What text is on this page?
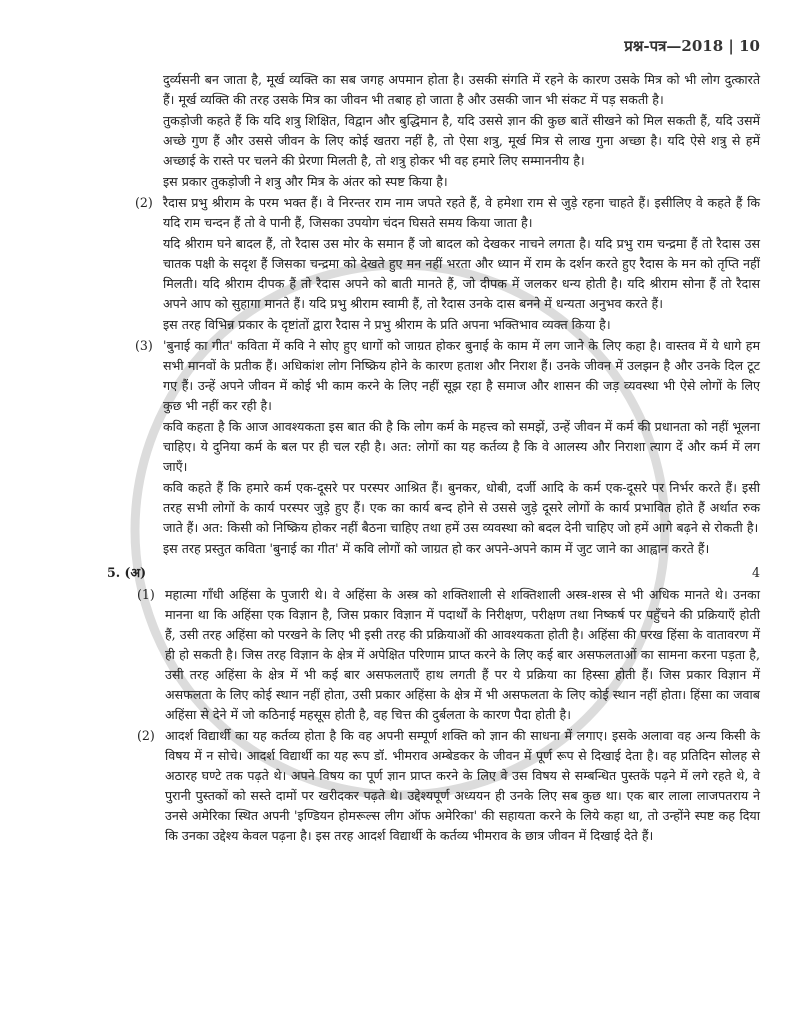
प्रश्न-पत्र—2018 | 10

दुर्व्यसनी बन जाता है, मूर्ख व्यक्ति का सब जगह अपमान होता है। उसकी संगति में रहने के कारण उसके मित्र को भी लोग दुत्कारते हैं। मूर्ख व्यक्ति की तरह उसके मित्र का जीवन भी तबाह हो जाता है और उसकी जान भी संकट में पड़ सकती है।

तुकड़ोजी कहते हैं कि यदि शत्रु शिक्षित, विद्वान और बुद्धिमान है, यदि उससे ज्ञान की कुछ बातें सीखने को मिल सकती हैं, यदि उसमें अच्छे गुण हैं और उससे जीवन के लिए कोई खतरा नहीं है, तो ऐसा शत्रु, मूर्ख मित्र से लाख गुना अच्छा है। यदि ऐसे शत्रु से हमें अच्छाई के रास्ते पर चलने की प्रेरणा मिलती है, तो शत्रु होकर भी वह हमारे लिए सम्माननीय है।

इस प्रकार तुकड़ोजी ने शत्रु और मित्र के अंतर को स्पष्ट किया है।

(2) रैदास प्रभु श्रीराम के परम भक्त हैं। वे निरन्तर राम नाम जपते रहते हैं, वे हमेशा राम से जुड़े रहना चाहते हैं। इसीलिए वे कहते हैं कि यदि राम चन्दन हैं तो वे पानी हैं, जिसका उपयोग चंदन घिसते समय किया जाता है।

यदि श्रीराम घने बादल हैं, तो रैदास उस मोर के समान हैं जो बादल को देखकर नाचने लगता है। यदि प्रभु राम चन्द्रमा हैं तो रैदास उस चातक पक्षी के सदृश हैं जिसका चन्द्रमा को देखते हुए मन नहीं भरता और ध्यान में राम के दर्शन करते हुए रैदास के मन को तृप्ति नहीं मिलती। यदि श्रीराम दीपक हैं तो रैदास अपने को बाती मानते हैं, जो दीपक में जलकर धन्य होती है। यदि श्रीराम सोना हैं तो रैदास अपने आप को सुहागा मानते हैं। यदि प्रभु श्रीराम स्वामी हैं, तो रैदास उनके दास बनने में धन्यता अनुभव करते हैं।

इस तरह विभिन्न प्रकार के दृष्टांतों द्वारा रैदास ने प्रभु श्रीराम के प्रति अपना भक्तिभाव व्यक्त किया है।

(3) 'बुनाई का गीत' कविता में कवि ने सोए हुए धागों को जाग्रत होकर बुनाई के काम में लग जाने के लिए कहा है। वास्तव में ये धागे हम सभी मानवों के प्रतीक हैं। अधिकांश लोग निष्क्रिय होने के कारण हताश और निराश हैं। उनके जीवन में उलझन है और उनके दिल टूट गए हैं। उन्हें अपने जीवन में कोई भी काम करने के लिए नहीं सूझ रहा है समाज और शासन की जड़ व्यवस्था भी ऐसे लोगों के लिए कुछ भी नहीं कर रही है।

कवि कहता है कि आज आवश्यकता इस बात की है कि लोग कर्म के महत्त्व को समझें, उन्हें जीवन में कर्म की प्रधानता को नहीं भूलना चाहिए। ये दुनिया कर्म के बल पर ही चल रही है। अत: लोगों का यह कर्तव्य है कि वे आलस्य और निराशा त्याग दें और कर्म में लग जाएँ।

कवि कहते हैं कि हमारे कर्म एक-दूसरे पर परस्पर आश्रित हैं। बुनकर, धोबी, दर्जी आदि के कर्म एक-दूसरे पर निर्भर करते हैं। इसी तरह सभी लोगों के कार्य परस्पर जुड़े हुए हैं। एक का कार्य बन्द होने से उससे जुड़े दूसरे लोगों के कार्य प्रभावित होते हैं अर्थात रुक जाते हैं। अत: किसी को निष्क्रिय होकर नहीं बैठना चाहिए तथा हमें उस व्यवस्था को बदल देनी चाहिए जो हमें आगे बढ़ने से रोकती है।

इस तरह प्रस्तुत कविता 'बुनाई का गीत' में कवि लोगों को जाग्रत हो कर अपने-अपने काम में जुट जाने का आह्वान करते हैं।

5. (अ)	4
(1) महात्मा गाँधी अहिंसा के पुजारी थे। वे अहिंसा के अस्त्र को शक्तिशाली से शक्तिशाली अस्त्र-शस्त्र से भी अधिक मानते थे। उनका मानना था कि अहिंसा एक विज्ञान है, जिस प्रकार विज्ञान में पदार्थों के निरीक्षण, परीक्षण तथा निष्कर्ष पर पहुँचने की प्रक्रियाएँ होती हैं, उसी तरह अहिंसा को परखने के लिए भी इसी तरह की प्रक्रियाओं की आवश्यकता होती है। अहिंसा की परख हिंसा के वातावरण में ही हो सकती है। जिस तरह विज्ञान के क्षेत्र में अपेक्षित परिणाम प्राप्त करने के लिए कई बार असफलताओं का सामना करना पड़ता है, उसी तरह अहिंसा के क्षेत्र में भी कई बार असफलताएँ हाथ लगती हैं पर ये प्रक्रिया का हिस्सा होती हैं। जिस प्रकार विज्ञान में असफलता के लिए कोई स्थान नहीं होता, उसी प्रकार अहिंसा के क्षेत्र में भी असफलता के लिए कोई स्थान नहीं होता। हिंसा का जवाब अहिंसा से देने में जो कठिनाई महसूस होती है, वह चित्त की दुर्बलता के कारण पैदा होती है।

(2) आदर्श विद्यार्थी का यह कर्तव्य होता है कि वह अपनी सम्पूर्ण शक्ति को ज्ञान की साधना में लगाए। इसके अलावा वह अन्य किसी के विषय में न सोचे। आदर्श विद्यार्थी का यह रूप डॉ. भीमराव अम्बेडकर के जीवन में पूर्ण रूप से दिखाई देता है। वह प्रतिदिन सोलह से अठारह घण्टे तक पढ़ते थे। अपने विषय का पूर्ण ज्ञान प्राप्त करने के लिए वे उस विषय से सम्बन्धित पुस्तकें पढ़ने में लगे रहते थे, वे पुरानी पुस्तकों को सस्ते दामों पर खरीदकर पढ़ते थे। उद्देश्यपूर्ण अध्ययन ही उनके लिए सब कुछ था। एक बार लाला लाजपतराय ने उनसे अमेरिका स्थित अपनी 'इण्डियन होमरूल्स लीग ऑफ अमेरिका' की सहायता करने के लिये कहा था, तो उन्होंने स्पष्ट कह दिया कि उनका उद्देश्य केवल पढ़ना है। इस तरह आदर्श विद्यार्थी के कर्तव्य भीमराव के छात्र जीवन में दिखाई देते हैं।
